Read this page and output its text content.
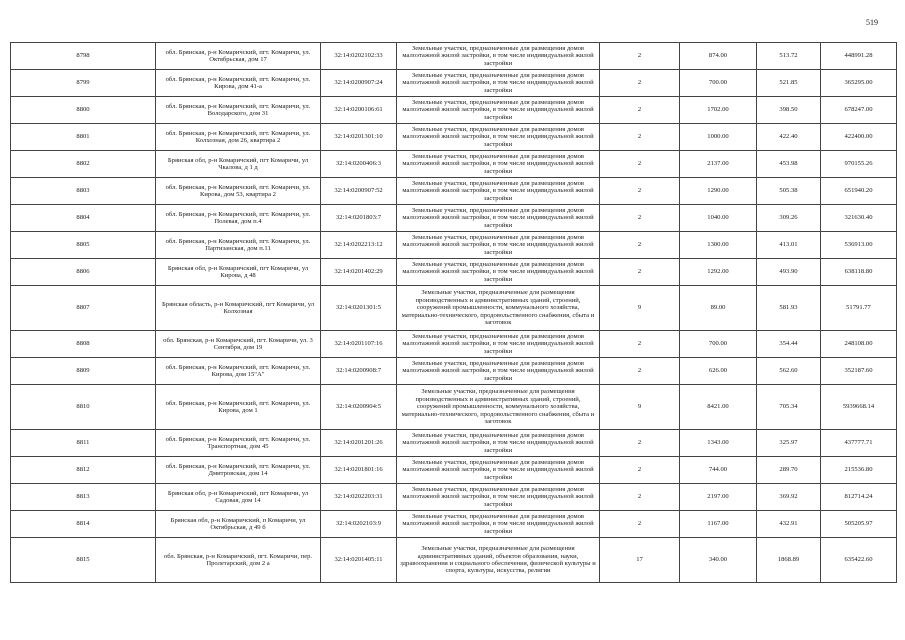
519
8798	обл. Брянская, р-н Комаричский, пгт. Комаричи, ул. Октябрьская, дом 17	32:14:0202102:33	Земельные участки, предназначенные для размещения домов малоэтажной жилой застройки, в том числе индивидуальной жилой застройки	2	874.00	513.72	448991.28
8799	обл. Брянская, р-н Комаричский, пгт. Комаричи, ул. Кирова, дом 41-а	32:14:0200907:24	Земельные участки, предназначенные для размещения домов малоэтажной жилой застройки, в том числе индивидуальной жилой застройки	2	700.00	521.85	365295.00
8800	обл. Брянская, р-н Комаричский, пгт. Комаричи, ул. Володарского, дом 31	32:14:0200106:61	Земельные участки, предназначенные для размещения домов малоэтажной жилой застройки, в том числе индивидуальной жилой застройки	2	1702.00	398.50	678247.00
8801	обл. Брянская, р-н Комаричский, пгт. Комаричи, ул. Колхозная, дом 26, квартира 2	32:14:0201301:10	Земельные участки, предназначенные для размещения домов малоэтажной жилой застройки, в том числе индивидуальной жилой застройки	2	1000.00	422.40	422400.00
8802	Брянская обл, р-н Комаричский, пгт Комаричи, ул Чкалова, д 1 д	32:14:0200406:3	Земельные участки, предназначенные для размещения домов малоэтажной жилой застройки, в том числе индивидуальной жилой застройки	2	2137.00	453.98	970155.26
8803	обл. Брянская, р-н Комаричский, пгт. Комаричи, ул. Кирова, дом 53, квартира 2	32:14:0200907:52	Земельные участки, предназначенные для размещения домов малоэтажной жилой застройки, в том числе индивидуальной жилой застройки	2	1290.00	505.38	651940.20
8804	обл. Брянская, р-н Комаричский, пгт. Комаричи, ул. Полевая, дом п.4	32:14:0201803:7	Земельные участки, предназначенные для размещения домов малоэтажной жилой застройки, в том числе индивидуальной жилой застройки	2	1040.00	309.26	321630.40
8805	обл. Брянская, р-н Комаричский, пгт. Комаричи, ул. Партизанская, дом п.11	32:14:0202213:12	Земельные участки, предназначенные для размещения домов малоэтажной жилой застройки, в том числе индивидуальной жилой застройки	2	1300.00	413.01	536913.00
8806	Брянская обл, р-н Комаричский, пгт Комаричи, ул Кирова, д 48	32:14:0201402:29	Земельные участки, предназначенные для размещения домов малоэтажной жилой застройки, в том числе индивидуальной жилой застройки	2	1292.00	493.90	638118.80
8807	Брянская область, р-н Комаричский, пгт Комаричи, ул Колхозная	32:14:0201301:5	Земельные участки, предназначенные для размещения производственных и административных зданий, строений, сооружений промышленности, коммунального хозяйства, материально-технического, продовольственного снабжения, сбыта и заготовок	9	89.00	581.93	51791.77
8808	обл. Брянская, р-н Комаричский, пгт. Комаричи, ул. 3 Сентября, дом 19	32:14:0201107:16	Земельные участки, предназначенные для размещения домов малоэтажной жилой застройки, в том числе индивидуальной жилой застройки	2	700.00	354.44	248108.00
8809	обл. Брянская, р-н Комаричский, пгт. Комаричи, ул. Кирова, дом 15"А"	32:14:0200908:7	Земельные участки, предназначенные для размещения домов малоэтажной жилой застройки, в том числе индивидуальной жилой застройки	2	626.00	562.60	352187.60
8810	обл. Брянская, р-н Комаричский, пгт. Комаричи, ул. Кирова, дом 1	32:14:0200904:5	Земельные участки, предназначенные для размещения производственных и административных зданий, строений, сооружений промышленности, коммунального хозяйства, материально-технического, продовольственного снабжения, сбыта и заготовок	9	8421.00	705.34	5939668.14
8811	обл. Брянская, р-н Комаричский, пгт. Комаричи, ул. Транспортная, дом 45	32:14:0201201:26	Земельные участки, предназначенные для размещения домов малоэтажной жилой застройки, в том числе индивидуальной жилой застройки	2	1343.00	325.97	437777.71
8812	обл. Брянская, р-н Комаричский, пгт. Комаричи, ул. Дмитровская, дом 14	32:14:0201801:16	Земельные участки, предназначенные для размещения домов малоэтажной жилой застройки, в том числе индивидуальной жилой застройки	2	744.00	289.70	215536.80
8813	Брянская обл, р-н Комаричский, пгт Комаричи, ул Садовая, дом 14	32:14:0202203:31	Земельные участки, предназначенные для размещения домов малоэтажной жилой застройки, в том числе индивидуальной жилой застройки	2	2197.00	369.92	812714.24
8814	Брянская обл, р-н Комаричский, п Комаричи, ул Октябрьская, д 49 б	32:14:0202103:9	Земельные участки, предназначенные для размещения домов малоэтажной жилой застройки, в том числе индивидуальной жилой застройки	2	1167.00	432.91	505205.97
8815	обл. Брянская, р-н Комаричский, пгт. Комаричи, пер. Пролетарский, дом 2 а	32:14:0201405:11	Земельные участки, предназначенные для размещения административных зданий, объектов образования, науки, здравоохранения и социального обеспечения, физической культуры и спорта, культуры, искусства, религии	17	340.00	1868.89	635422.60
